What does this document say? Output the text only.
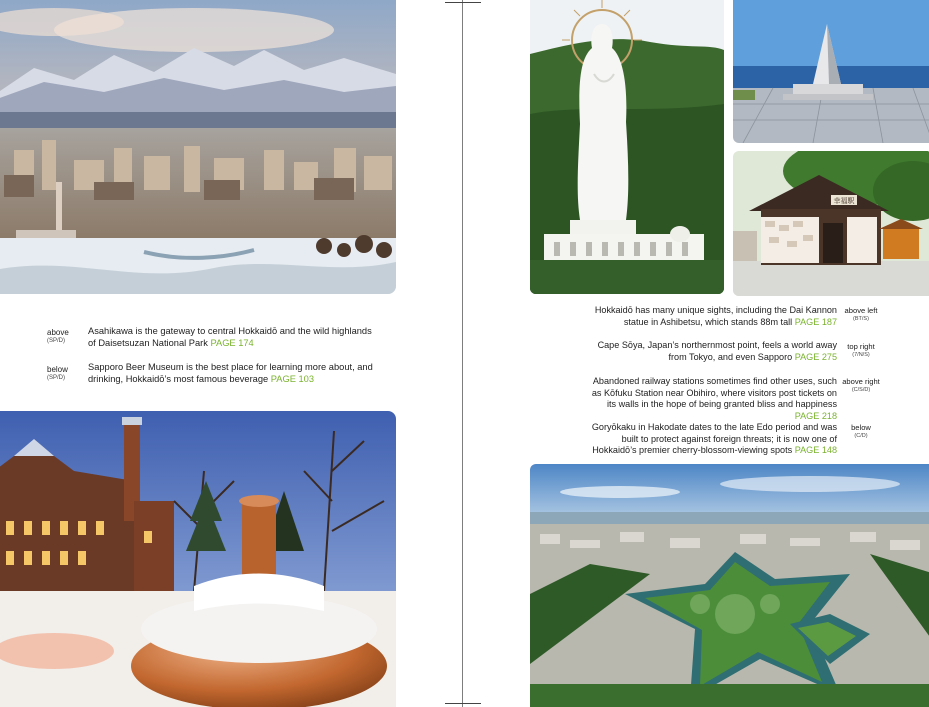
above
(SP/D)
Asahikawa is the gateway to central Hokkaidō and the wild highlands of Daisetsuzan National Park PAGE 174
below
(SP/D)
Sapporo Beer Museum is the best place for learning more about, and drinking, Hokkaidō’s most famous beverage PAGE 103
幸福駅
Hokkaidō has many unique sights, including the Dai Kannon statue in Ashibetsu, which stands 88m tall PAGE 187
above left
(BT/S)
Cape Sōya, Japan’s northernmost point, feels a world away from Tokyo, and even Sapporo PAGE 275
top right
(7/N/S)
Abandoned railway stations sometimes find other uses, such as Kōfuku Station near Obihiro, where visitors post tickets on its walls in the hope of being granted bliss and happiness PAGE 218
above right
(C/S/D)
Goryōkaku in Hakodate dates to the late Edo period and was built to protect against foreign threats; it is now one of Hokkaidō’s premier cherry-blossom-viewing spots PAGE 148
below
(C/D)
